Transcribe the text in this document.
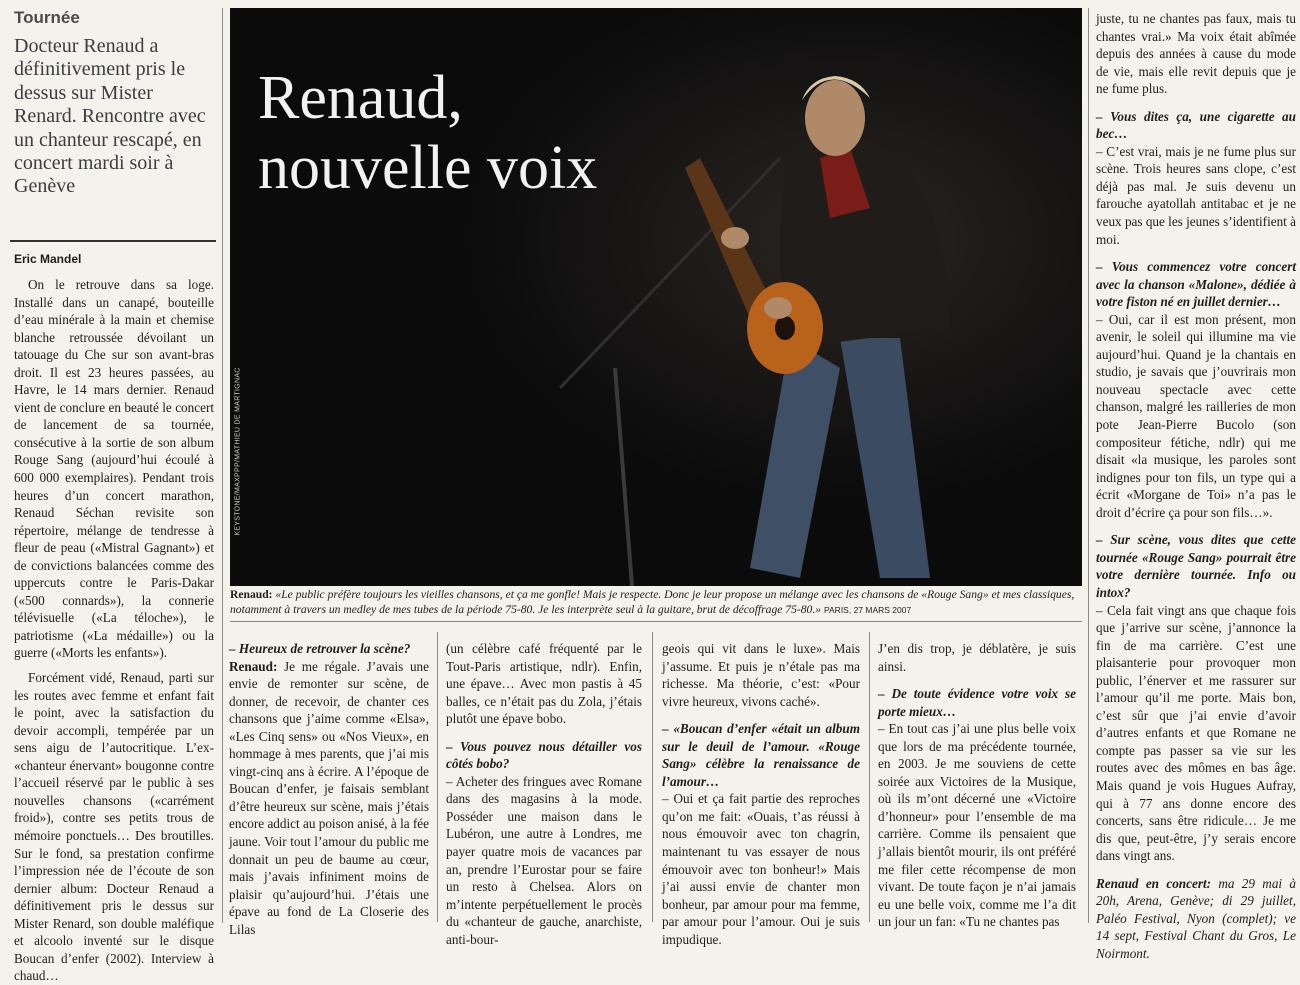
Tournée
Docteur Renaud a définitivement pris le dessus sur Mister Renard. Rencontre avec un chanteur rescapé, en concert mardi soir à Genève
Eric Mandel

On le retrouve dans sa loge. Installé dans un canapé, bouteille d’eau minérale à la main et chemise blanche retroussée dévoilant un tatouage du Che sur son avant-bras droit. Il est 23 heures passées, au Havre, le 14 mars dernier. Renaud vient de conclure en beauté le concert de lancement de sa tournée, consécutive à la sortie de son album Rouge Sang (aujourd’hui écoulé à 600 000 exemplaires). Pendant trois heures d’un concert marathon, Renaud Séchan revisite son répertoire, mélange de tendresse à fleur de peau («Mistral Gagnant») et de convictions balancées comme des uppercuts contre le Paris-Dakar («500 connards»), la connerie télévisuelle («La téloche»), le patriotisme («La médaille») ou la guerre («Morts les enfants»).

Forcément vidé, Renaud, parti sur les routes avec femme et enfant fait le point, avec la satisfaction du devoir accompli, tempérée par un sens aigu de l’autocritique. L’ex- «chanteur énervant» bougonne contre l’accueil réservé par le public à ses nouvelles chansons («carrément froid»), contre ses petits trous de mémoire ponctuels… Des broutilles. Sur le fond, sa prestation confirme l’impression née de l’écoute de son dernier album: Docteur Renaud a définitivement pris le dessus sur Mister Renard, son double maléfique et alcoolo inventé sur le disque Boucan d’enfer (2002). Interview à chaud…

Renaud,
nouvelle voix
KEYSTONE/MAXPPP/MATHIEU DE MARTIGNAC
Renaud: «Le public préfère toujours les vieilles chansons, et ça me gonfle! Mais je respecte. Donc je leur propose un mélange avec les chansons de «Rouge Sang» et mes classiques, notamment à travers un medley de mes tubes de la période 75-80. Je les interprète seul à la guitare, brut de décoffrage 75-80.» PARIS, 27 MARS 2007

– Heureux de retrouver la scène?

Renaud: Je me régale. J’avais une envie de remonter sur scène, de donner, de recevoir, de chanter ces chansons que j’aime comme «Elsa», «Les Cinq sens» ou «Nos Vieux», en hommage à mes parents, que j’ai mis vingt-cinq ans à écrire. A l’époque de Boucan d’enfer, je faisais semblant d’être heureux sur scène, mais j’étais encore addict au poison anisé, à la fée jaune. Voir tout l’amour du public me donnait un peu de baume au cœur, mais j’avais infiniment moins de plaisir qu’aujourd’hui. J’étais une épave au fond de La Closerie des Lilas

(un célèbre café fréquenté par le Tout-Paris artistique, ndlr). Enfin, une épave… Avec mon pastis à 45 balles, ce n’était pas du Zola, j’étais plutôt une épave bobo.

– Vous pouvez nous détailler vos côtés bobo?

– Acheter des fringues avec Romane dans des magasins à la mode. Posséder une maison dans le Lubéron, une autre à Londres, me payer quatre mois de vacances par an, prendre l’Eurostar pour se faire un resto à Chelsea. Alors on m’intente perpétuellement le procès du «chanteur de gauche, anarchiste, anti-bour-

geois qui vit dans le luxe». Mais j’assume. Et puis je n’étale pas ma richesse. Ma théorie, c’est: «Pour vivre heureux, vivons caché».

– «Boucan d’enfer «était un album sur le deuil de l’amour. «Rouge Sang» célèbre la renaissance de l’amour…

– Oui et ça fait partie des reproches qu’on me fait: «Ouais, t’as réussi à nous émouvoir avec ton chagrin, maintenant tu vas essayer de nous émouvoir avec ton bonheur!» Mais j’ai aussi envie de chanter mon bonheur, par amour pour ma femme, par amour pour l’amour. Oui je suis impudique.

J’en dis trop, je déblatère, je suis ainsi.

– De toute évidence votre voix se porte mieux…

– En tout cas j’ai une plus belle voix que lors de ma précédente tournée, en 2003. Je me souviens de cette soirée aux Victoires de la Musique, où ils m’ont décerné une «Victoire d’honneur» pour l’ensemble de ma carrière. Comme ils pensaient que j’allais bientôt mourir, ils ont préféré me filer cette récompense de mon vivant. De toute façon je n’ai jamais eu une belle voix, comme me l’a dit un jour un fan: «Tu ne chantes pas

juste, tu ne chantes pas faux, mais tu chantes vrai.» Ma voix était abîmée depuis des années à cause du mode de vie, mais elle revit depuis que je ne fume plus.

– Vous dites ça, une cigarette au bec…

– C’est vrai, mais je ne fume plus sur scène. Trois heures sans clope, c’est déjà pas mal. Je suis devenu un farouche ayatollah antitabac et je ne veux pas que les jeunes s’identifient à moi.

– Vous commencez votre concert avec la chanson «Malone», dédiée à votre fiston né en juillet dernier…

– Oui, car il est mon présent, mon avenir, le soleil qui illumine ma vie aujourd’hui. Quand je la chantais en studio, je savais que j’ouvrirais mon nouveau spectacle avec cette chanson, malgré les railleries de mon pote Jean-Pierre Bucolo (son compositeur fétiche, ndlr) qui me disait «la musique, les paroles sont indignes pour ton fils, un type qui a écrit «Morgane de Toi» n’a pas le droit d’écrire ça pour son fils…».

– Sur scène, vous dites que cette tournée «Rouge Sang» pourrait être votre dernière tournée. Info ou intox?

– Cela fait vingt ans que chaque fois que j’arrive sur scène, j’annonce la fin de ma carrière. C’est une plaisanterie pour provoquer mon public, l’énerver et me rassurer sur l’amour qu’il me porte. Mais bon, c’est sûr que j’ai envie d’avoir d’autres enfants et que Romane ne compte pas passer sa vie sur les routes avec des mômes en bas âge. Mais quand je vois Hugues Aufray, qui à 77 ans donne encore des concerts, sans être ridicule… Je me dis que, peut-être, j’y serais encore dans vingt ans.

Renaud en concert: ma 29 mai à 20h, Arena, Genève; di 29 juillet, Paléo Festival, Nyon (complet); ve 14 sept, Festival Chant du Gros, Le Noirmont.
